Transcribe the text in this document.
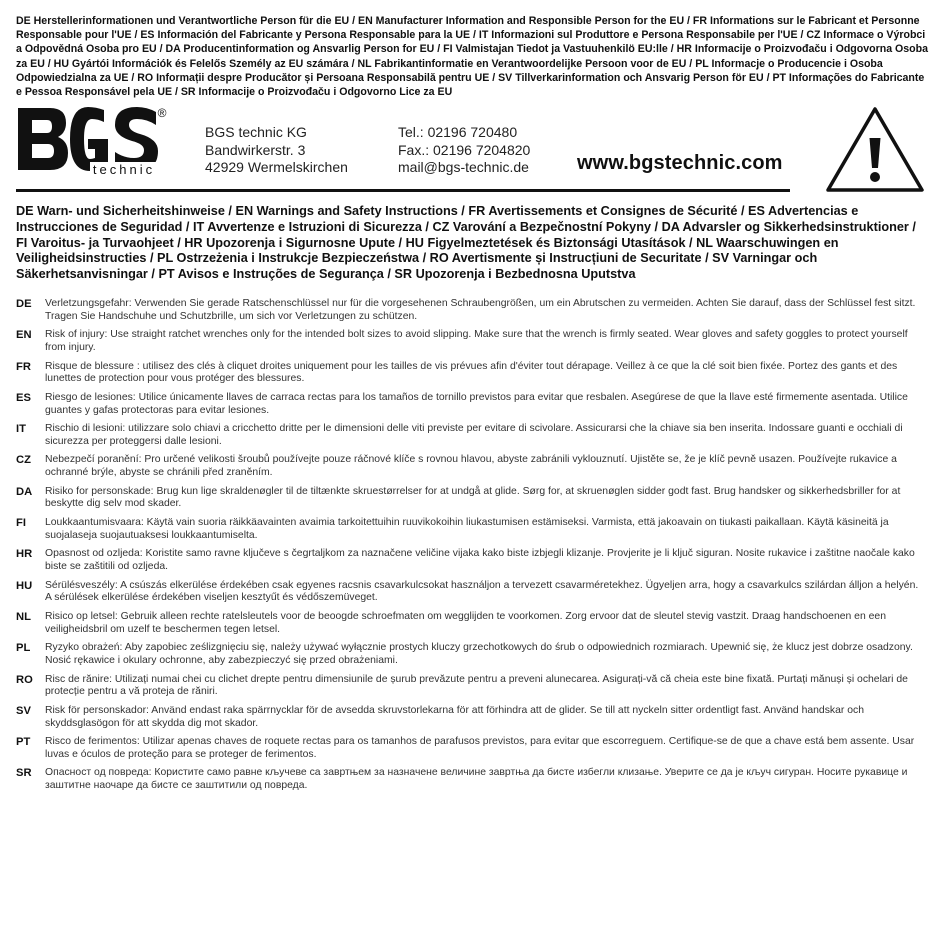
DE Herstellerinformationen und Verantwortliche Person für die EU / EN Manufacturer Information and Responsible Person for the EU / FR Informations sur le Fabricant et Personne Responsable pour l'UE / ES Información del Fabricante y Persona Responsable para la UE / IT Informazioni sul Produttore e Persona Responsabile per l'UE / CZ Informace o Výrobci a Odpovědná Osoba pro EU / DA Producentinformation og Ansvarlig Person for EU / FI Valmistajan Tiedot ja Vastuuhenkilö EU:lle / HR Informacije o Proizvođaču i Odgovorna Osoba za EU / HU Gyártói Információk és Felelős Személy az EU számára / NL Fabrikantinformatie en Verantwoordelijke Persoon voor de EU / PL Informacje o Producencie i Osoba Odpowiedzialna za UE / RO Informații despre Producător și Persoana Responsabilă pentru UE / SV Tillverkarinformation och Ansvarig Person för EU / PT Informações do Fabricante e Pessoa Responsável pela UE / SR Informacije o Proizvođaču i Odgovorno Lice za EU

technic
®
BGS technic KG
Bandwirkerstr. 3
42929 Wermelskirchen
Tel.: 02196 720480
Fax.: 02196 7204820
mail@bgs-technic.de www.bgstechnic.com

DE Warn- und Sicherheitshinweise / EN Warnings and Safety Instructions / FR Avertissements et Consignes de Sécurité / ES Advertencias e Instrucciones de Seguridad / IT Avvertenze e Istruzioni di Sicurezza / CZ Varování a Bezpečnostní Pokyny / DA Advarsler og Sikkerhedsinstruktioner / FI Varoitus- ja Turvaohjeet / HR Upozorenja i Sigurnosne Upute / HU Figyelmeztetések és Biztonsági Utasítások / NL Waarschuwingen en Veiligheidsinstructies / PL Ostrzeżenia i Instrukcje Bezpieczeństwa / RO Avertismente și Instrucțiuni de Securitate / SV Varningar och Säkerhetsanvisningar / PT Avisos e Instruções de Segurança / SR Upozorenja i Bezbednosna Uputstva

DE	Verletzungsgefahr: Verwenden Sie gerade Ratschenschlüssel nur für die vorgesehenen Schraubengrößen, um ein Abrutschen zu vermeiden. Achten Sie darauf, dass der Schlüssel fest sitzt. Tragen Sie Handschuhe und Schutzbrille, um sich vor Verletzungen zu schützen.
EN	Risk of injury: Use straight ratchet wrenches only for the intended bolt sizes to avoid slipping. Make sure that the wrench is firmly seated. Wear gloves and safety goggles to protect yourself from injury.
FR	Risque de blessure : utilisez des clés à cliquet droites uniquement pour les tailles de vis prévues afin d'éviter tout dérapage. Veillez à ce que la clé soit bien fixée. Portez des gants et des lunettes de protection pour vous protéger des blessures.
ES	Riesgo de lesiones: Utilice únicamente llaves de carraca rectas para los tamaños de tornillo previstos para evitar que resbalen. Asegúrese de que la llave esté firmemente asentada. Utilice guantes y gafas protectoras para evitar lesiones.
IT	Rischio di lesioni: utilizzare solo chiavi a cricchetto dritte per le dimensioni delle viti previste per evitare di scivolare. Assicurarsi che la chiave sia ben inserita. Indossare guanti e occhiali di sicurezza per proteggersi dalle lesioni.
CZ	Nebezpečí poranění: Pro určené velikosti šroubů používejte pouze ráčnové klíče s rovnou hlavou, abyste zabránili vyklouznutí. Ujistěte se, že je klíč pevně usazen. Používejte rukavice a ochranné brýle, abyste se chránili před zraněním.
DA	Risiko for personskade: Brug kun lige skraldenøgler til de tiltænkte skruestørrelser for at undgå at glide. Sørg for, at skruenøglen sidder godt fast. Brug handsker og sikkerhedsbriller for at beskytte dig selv mod skader.
FI	Loukkaantumisvaara: Käytä vain suoria räikkäavainten avaimia tarkoitettuihin ruuvikokoihin liukastumisen estämiseksi. Varmista, että jakoavain on tiukasti paikallaan. Käytä käsineitä ja suojalaseja suojautuaksesi loukkaantumiselta.
HR	Opasnost od ozljeda: Koristite samo ravne ključeve s čegrtaljkom za naznačene veličine vijaka kako biste izbjegli klizanje. Provjerite je li ključ siguran. Nosite rukavice i zaštitne naočale kako biste se zaštitili od ozljeda.
HU	Sérülésveszély: A csúszás elkerülése érdekében csak egyenes racsnis csavarkulcsokat használjon a tervezett csavarméretekhez. Ügyeljen arra, hogy a csavarkulcs szilárdan álljon a helyén. A sérülések elkerülése érdekében viseljen kesztyűt és védőszemüveget.
NL	Risico op letsel: Gebruik alleen rechte ratelsleutels voor de beoogde schroefmaten om wegglijden te voorkomen. Zorg ervoor dat de sleutel stevig vastzit. Draag handschoenen en een veiligheidsbril om uzelf te beschermen tegen letsel.
PL	Ryzyko obrażeń: Aby zapobiec ześlizgnięciu się, należy używać wyłącznie prostych kluczy grzechotkowych do śrub o odpowiednich rozmiarach. Upewnić się, że klucz jest dobrze osadzony. Nosić rękawice i okulary ochronne, aby zabezpieczyć się przed obrażeniami.
RO	Risc de rănire: Utilizați numai chei cu clichet drepte pentru dimensiunile de șurub prevăzute pentru a preveni alunecarea. Asigurați-vă că cheia este bine fixată. Purtați mănuși și ochelari de protecție pentru a vă proteja de răniri.
SV	Risk för personskador: Använd endast raka spärrnycklar för de avsedda skruvstorlekarna för att förhindra att de glider. Se till att nyckeln sitter ordentligt fast. Använd handskar och skyddsglasögon för att skydda dig mot skador.
PT	Risco de ferimentos: Utilizar apenas chaves de roquete rectas para os tamanhos de parafusos previstos, para evitar que escorreguem. Certifique-se de que a chave está bem assente. Usar luvas e óculos de proteção para se proteger de ferimentos.
SR	Опасност од повреда: Користите само равне кључеве са завртњем за назначене величине завртња да бисте избегли клизање. Уверите се да је кључ сигуран. Носите рукавице и заштитне наочаре да бисте се заштитили од повреда.
